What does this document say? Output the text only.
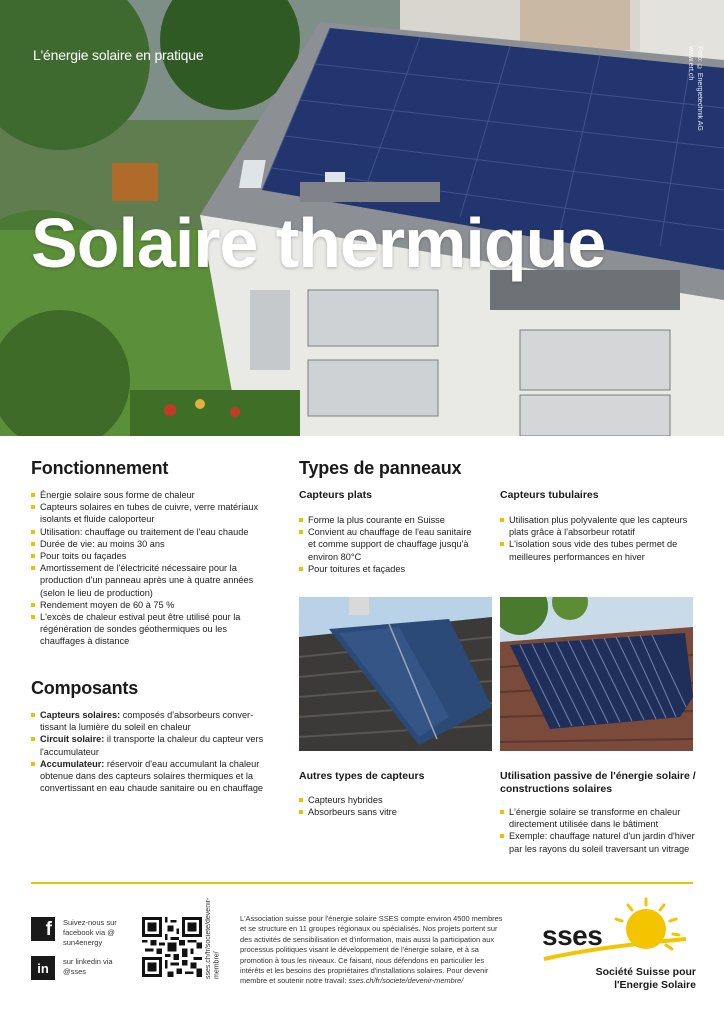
L'énergie solaire en pratique
Solaire thermique
Foto: © Energietechnik AG
www.ert.ch
Fonctionnement
Énergie solaire sous forme de chaleur
Capteurs solaires en tubes de cuivre, verre matériaux isolants et fluide caloporteur
Utilisation: chauffage ou traitement de l'eau chaude
Durée de vie: au moins 30 ans
Pour toits ou façades
Amortissement de l'électricité nécessaire pour la production d'un panneau après une à quatre années (selon le lieu de production)
Rendement moyen de 60 à 75 %
L'excès de chaleur estival peut être utilisé pour la régénération de sondes géothermiques ou les chauffages à distance
Composants
Capteurs solaires: composés d'absorbeurs convertissant la lumière du soleil en chaleur
Circuit solaire: il transporte la chaleur du capteur vers l'accumulateur
Accumulateur: réservoir d'eau accumulant la chaleur obtenue dans des capteurs solaires thermiques et la convertissant en eau chaude sanitaire ou en chauffage
Types de panneaux
Capteurs plats
Forme la plus courante en Suisse
Convient au chauffage de l'eau sanitaire et comme support de chauffage jusqu'à environ 80°C
Pour toitures et façades
Capteurs tubulaires
Utilisation plus polyvalente que les capteurs plats grâce à l'absorbeur rotatif
L'isolation sous vide des tubes permet de meilleures performances en hiver
Autres types de capteurs
Capteurs hybrides
Absorbeurs sans vitre
Utilisation passive de l'énergie solaire /
constructions solaires
L'énergie solaire se transforme en chaleur directement utilisée dans le bâtiment
Exemple: chauffage naturel d'un jardin d'hiver par les rayons du soleil traversant un vitrage
f	Suivez-nous sur facebook via @ sun4energy
in	sur linkedin via @sses	sses.ch/fr/societe/devenir-membre/
L'Association suisse pour l'énergie solaire SSES compte environ 4500 membres et se structure en 11 groupes régionaux ou spécialisés. Nos projets portent sur des activités de sensibilisation et d'information, mais aussi la participation aux processus politiques visant le développement de l'énergie solaire, et à sa promotion à tous les niveaux. Ce faisant, nous défendons en particulier les intérêts et les besoins des propriétaires d'installations solaires. Pour devenir membre et soutenir notre travail: sses.ch/fr/societe/devenir-membre/
sses
Société Suisse pour
l'Energie Solaire
